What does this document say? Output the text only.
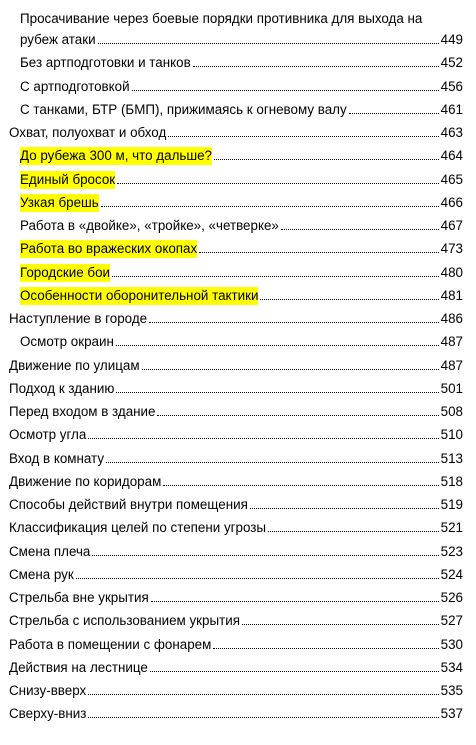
Просачивание через боевые порядки противника для выхода на
рубеж атаки	449
Без артподготовки и танков	452
С артподготовкой	456
С танками, БТР (БМП), прижимаясь к огневому валу	461
Охват, полуохват и обход	463
До рубежа 300 м, что дальше?	464
Единый бросок	465
Узкая брешь	466
Работа в «двойке», «тройке», «четверке»	467
Работа во вражеских окопах	473
Городские бои	480
Особенности оборонительной тактики	481
Наступление в городе	486
Осмотр окраин	487
Движение по улицам	487
Подход к зданию	501
Перед входом в здание	508
Осмотр угла	510
Вход в комнату	513
Движение по коридорам	518
Способы действий внутри помещения	519
Классификация целей по степени угрозы	521
Смена плеча	523
Смена рук	524
Стрельба вне укрытия	526
Стрельба с использованием укрытия	527
Работа в помещении с фонарем	530
Действия на лестнице	534
Снизу-вверх	535
Сверху-вниз	537
